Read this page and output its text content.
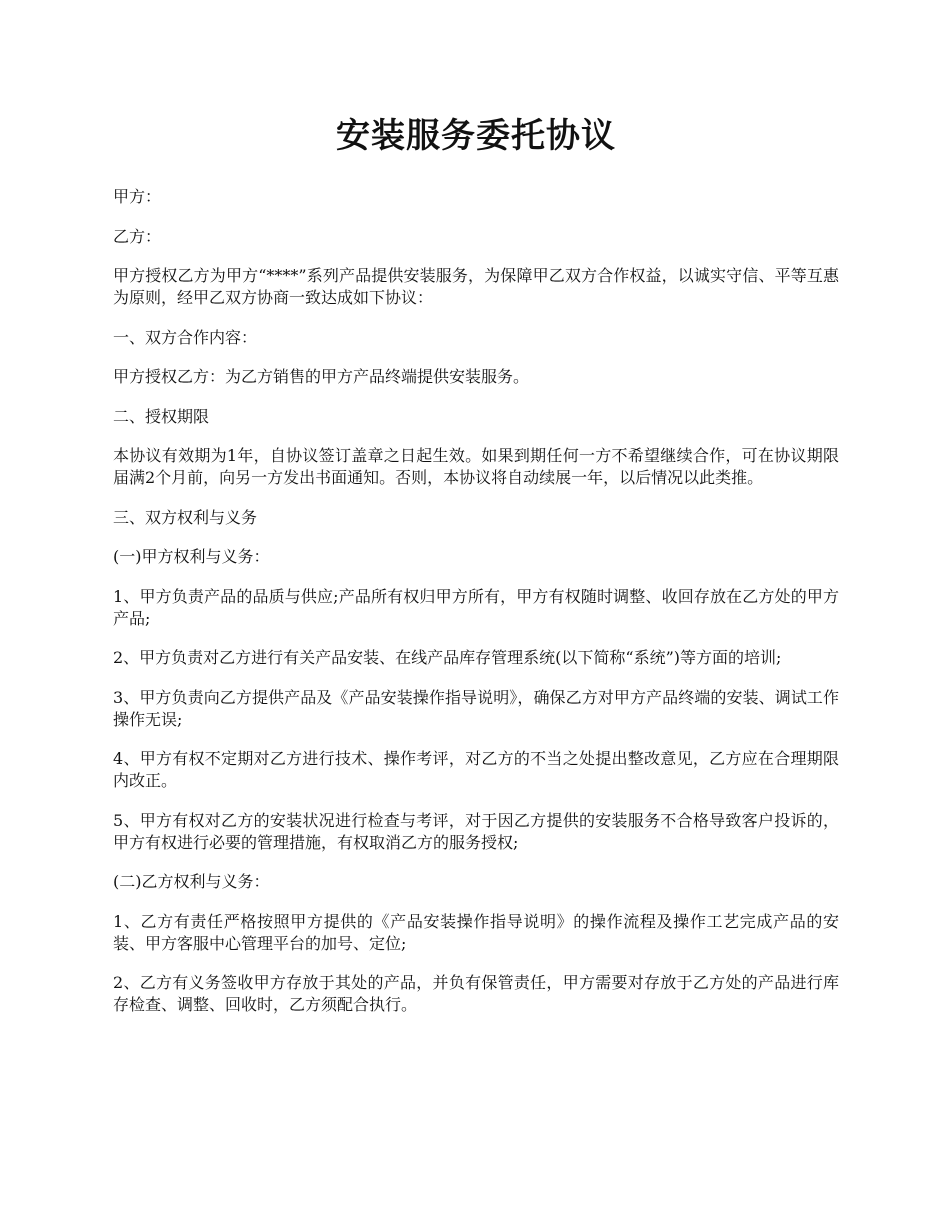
安装服务委托协议

甲方：

乙方：

甲方授权乙方为甲方“****”系列产品提供安装服务，为保障甲乙双方合作权益，以诚实守信、平等互惠为原则，经甲乙双方协商一致达成如下协议：

一、双方合作内容：

甲方授权乙方：为乙方销售的甲方产品终端提供安装服务。

二、授权期限

本协议有效期为1年，自协议签订盖章之日起生效。如果到期任何一方不希望继续合作，可在协议期限届满2个月前，向另一方发出书面通知。否则，本协议将自动续展一年，以后情况以此类推。

三、双方权利与义务

(一)甲方权利与义务：

1、甲方负责产品的品质与供应;产品所有权归甲方所有，甲方有权随时调整、收回存放在乙方处的甲方产品;

2、甲方负责对乙方进行有关产品安装、在线产品库存管理系统(以下简称“系统”)等方面的培训;

3、甲方负责向乙方提供产品及《产品安装操作指导说明》，确保乙方对甲方产品终端的安装、调试工作操作无误;

4、甲方有权不定期对乙方进行技术、操作考评，对乙方的不当之处提出整改意见，乙方应在合理期限内改正。

5、甲方有权对乙方的安装状况进行检查与考评，对于因乙方提供的安装服务不合格导致客户投诉的，甲方有权进行必要的管理措施，有权取消乙方的服务授权;

(二)乙方权利与义务：

1、乙方有责任严格按照甲方提供的《产品安装操作指导说明》的操作流程及操作工艺完成产品的安装、甲方客服中心管理平台的加号、定位;

2、乙方有义务签收甲方存放于其处的产品，并负有保管责任，甲方需要对存放于乙方处的产品进行库存检查、调整、回收时，乙方须配合执行。
